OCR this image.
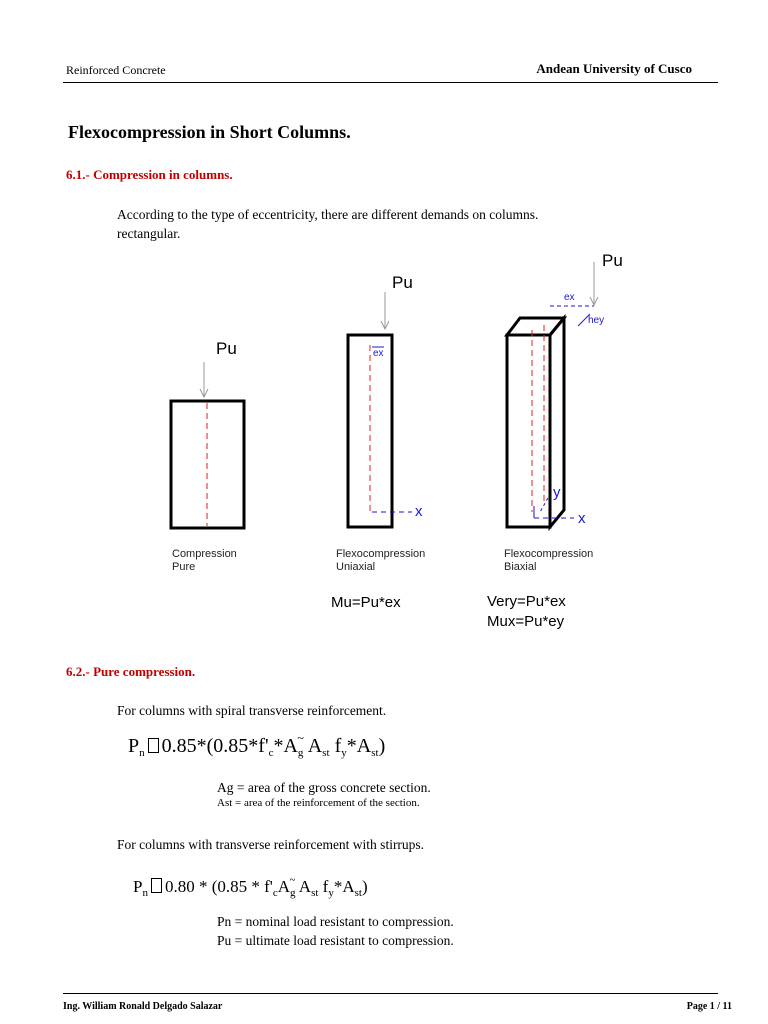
Reinforced Concrete	Andean University of Cusco
Flexocompression in Short Columns.
6.1.- Compression in columns.
According to the type of eccentricity, there are different demands on columns.
rectangular.
Pu
Pu
Pu
ex
x
ex
hey
x
y
Compression
Pure
Flexocompression
Uniaxial
Flexocompression
Biaxial
Mu=Pu*ex	Very=Pu*ex
Mux=Pu*ey
6.2.- Pure compression.
For columns with spiral transverse reinforcement.
$P_n$ $0.85*(0.85*f'_c*A_g^\sim$ $A_{st}$ $f_y*A_{st}$)
Ag = area of the gross concrete section.
Ast = area of the reinforcement of the section.
For columns with transverse reinforcement with stirrups.
$P_n$ $0.80 * (0.85 * f'_cA_g^\sim$ $A_{st}$ $f_y*A_{st}$)
Pn = nominal load resistant to compression.
Pu = ultimate load resistant to compression.
Ing. William Ronald Delgado Salazar	Page 1 / 11
